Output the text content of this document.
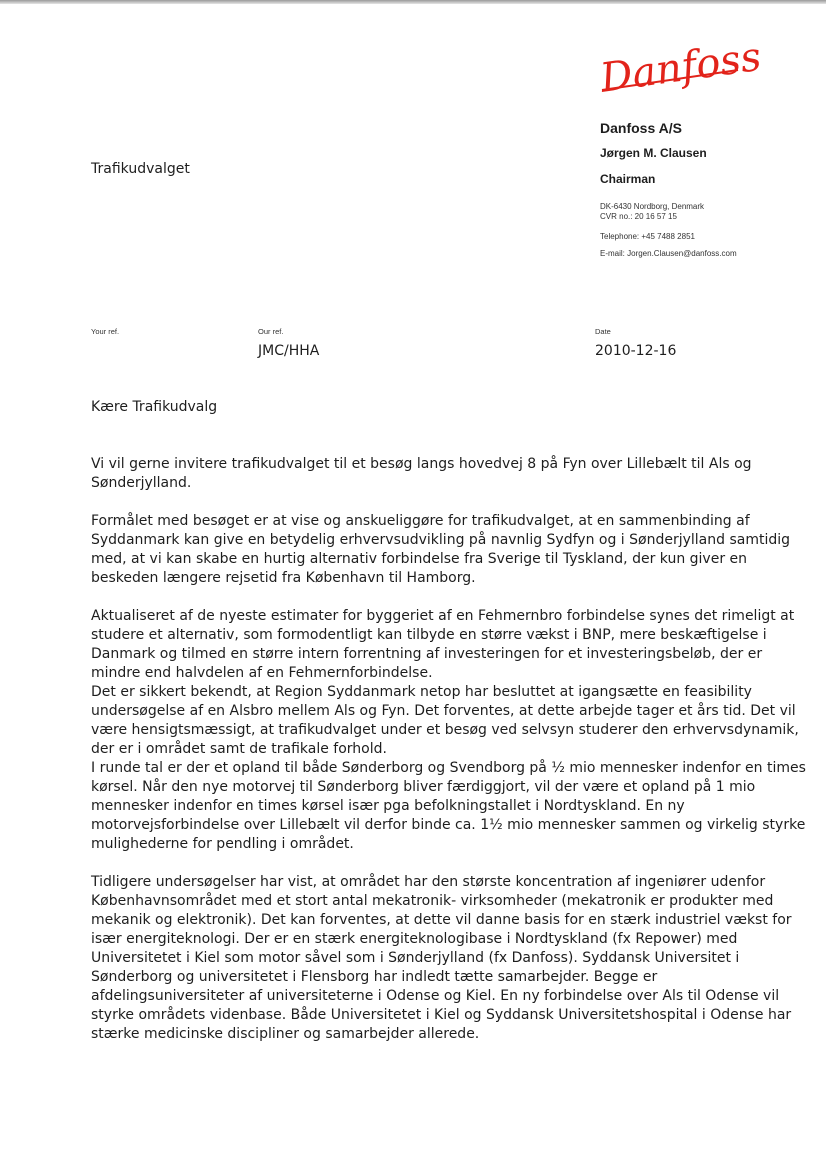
Danfoss

Danfoss A/S

Jørgen M. Clausen

Chairman

DK-6430 Nordborg, Denmark
CVR no.: 20 16 57 15

Telephone: +45 7488 2851

E-mail: Jorgen.Clausen@danfoss.com

Trafikudvalget
Your ref.	Our ref.
JMC/HHA
Date
2010-12-16

Kære Trafikudvalg

Vi vil gerne invitere trafikudvalget til et besøg langs hovedvej 8 på Fyn over Lillebælt til Als og Sønderjylland.

Formålet med besøget er at vise og anskueliggøre for trafikudvalget, at en sammenbinding af Syddanmark kan give en betydelig erhvervsudvikling på navnlig Sydfyn og i Sønderjylland samtidig med, at vi kan skabe en hurtig alternativ forbindelse fra Sverige til Tyskland, der kun giver en beskeden længere rejsetid fra København til Hamborg.

Aktualiseret af de nyeste estimater for byggeriet af en Fehmernbro forbindelse synes det rimeligt at studere et alternativ, som formodentligt kan tilbyde en større vækst i BNP, mere beskæftigelse i Danmark og tilmed en større intern forrentning af investeringen for et investeringsbeløb, der er mindre end halvdelen af en Fehmernforbindelse.

Det er sikkert bekendt, at Region Syddanmark netop har besluttet at igangsætte en feasibility undersøgelse af en Alsbro mellem Als og Fyn. Det forventes, at dette arbejde tager et års tid. Det vil være hensigtsmæssigt, at trafikudvalget under et besøg ved selvsyn studerer den erhvervsdynamik, der er i området samt de trafikale forhold.

I runde tal er der et opland til både Sønderborg og Svendborg på ½ mio mennesker indenfor en times kørsel. Når den nye motorvej til Sønderborg bliver færdiggjort, vil der være et opland på 1 mio mennesker indenfor en times kørsel især pga befolkningstallet i Nordtyskland. En ny motorvejsforbindelse over Lillebælt vil derfor binde ca. 1½ mio mennesker sammen og virkelig styrke mulighederne for pendling i området.

Tidligere undersøgelser har vist, at området har den største koncentration af ingeniører udenfor Københavnsområdet med et stort antal mekatronik- virksomheder (mekatronik er produkter med mekanik og elektronik). Det kan forventes, at dette vil danne basis for en stærk industriel vækst for især energiteknologi. Der er en stærk energiteknologibase i Nordtyskland (fx Repower) med Universitetet i Kiel som motor såvel som i Sønderjylland (fx Danfoss). Syddansk Universitet i Sønderborg og universitetet i Flensborg har indledt tætte samarbejder. Begge er afdelingsuniversiteter af universiteterne i Odense og Kiel. En ny forbindelse over Als til Odense vil styrke områdets videnbase. Både Universitetet i Kiel og Syddansk Universitetshospital i Odense har stærke medicinske discipliner og samarbejder allerede.
